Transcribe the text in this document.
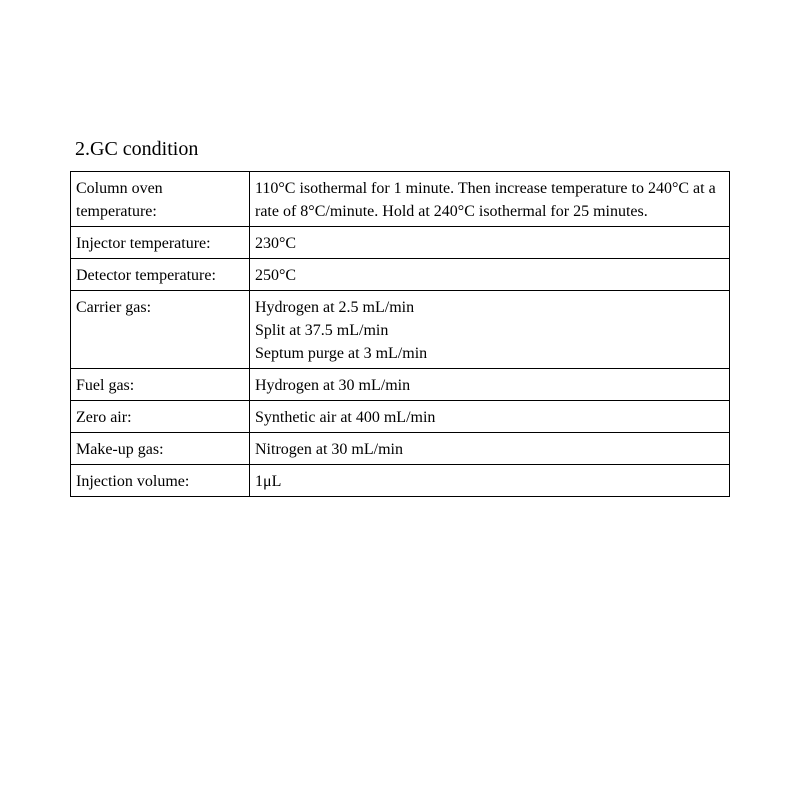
2.GC condition
Column oven temperature:	110°C isothermal for 1 minute. Then increase temperature to 240°C at a rate of 8°C/minute. Hold at 240°C isothermal for 25 minutes.

Injector temperature:	230°C
Detector temperature:	250°C
Carrier gas:	Hydrogen at 2.5 mL/min
Split at 37.5 mL/min
Septum purge at 3 mL/min

Fuel gas:	Hydrogen at 30 mL/min
Zero air:	Synthetic air at 400 mL/min
Make-up gas:	Nitrogen at 30 mL/min
Injection volume:	1μL
